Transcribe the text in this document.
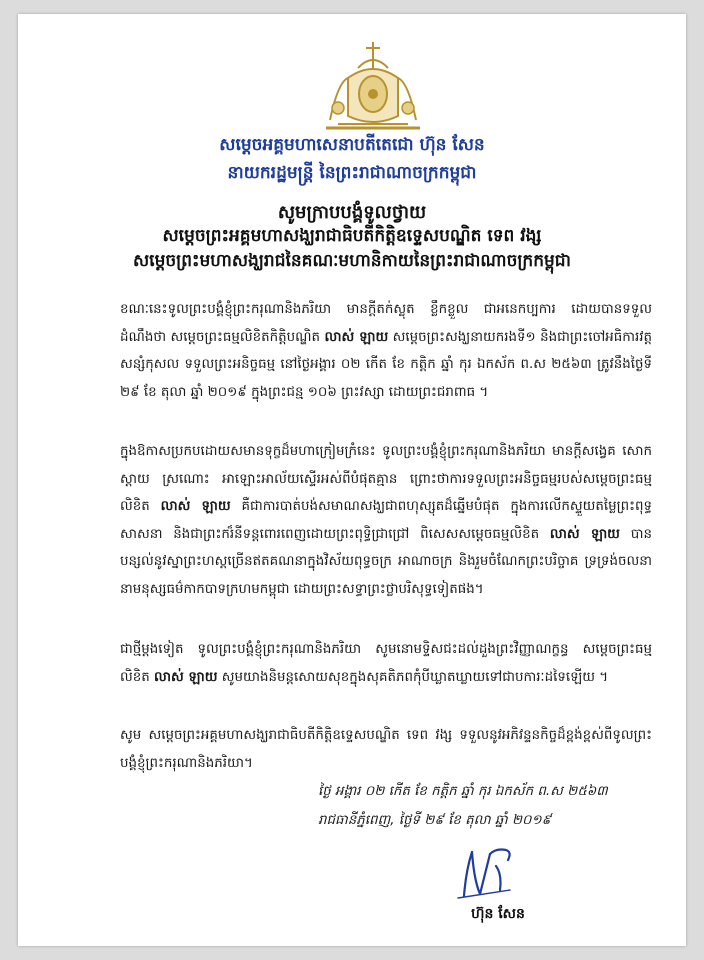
សម្តេចអគ្គមហាសេនាបតីតេជោ ហ៊ុន សែន
នាយករដ្ឋមន្ត្រី នៃព្រះរាជាណាចក្រកម្ពុជា
សូមក្រាបបង្គំទូលថ្វាយ
សម្តេចព្រះអគ្គមហាសង្ឃរាជាធិបតីកិត្តិឧទ្ទេសបណ្ឌិត ទេព វង្ស
សម្តេចព្រះមហាសង្ឃរាជនៃគណៈមហានិកាយនៃព្រះរាជាណាចក្រកម្ពុជា

ខណៈនេះទូលព្រះបង្គំខ្ញុំព្រះករុណានិងភរិយា មានក្តីតក់ស្លុត ខ្លឹកខ្លួល ជាអនេកប្បការ ដោយបានទទួលដំណឹងថា សម្តេចព្រះធម្មលិខិតកិត្តិបណ្ឌិត លាស់ ឡាយ សម្តេចព្រះសង្ឃនាយករងទី១ និងជាព្រះចៅអធិការវត្តសន្សំកុសល ទទួលព្រះអនិច្ចធម្ម នៅថ្ងៃអង្គារ ០២ កើត ខែ កត្តិក ឆ្នាំ កុរ ឯកស័ក ព.ស ២៥៦៣ ត្រូវនឹងថ្ងៃទី ២៩ ខែ តុលា ឆ្នាំ ២០១៩ ក្នុងព្រះជន្ម ១០៦ ព្រះវស្សា ដោយព្រះជរាពាធ ។

ក្នុងឱកាសប្រកបដោយសមានទុក្ខដ៏មហាក្រៀមក្រំនេះ ទូលព្រះបង្គំខ្ញុំព្រះករុណានិងភរិយា មានក្តីសង្វេគ សោកស្តាយ ស្រណោះ អាឡោះអាល័យស្ទើរអស់ពីបំផុតគ្មាន ព្រោះថាការទទួលព្រះអនិច្ចធម្មរបស់សម្តេចព្រះធម្មលិខិត លាស់ ឡាយ គឺជាការបាត់បង់សមាណសង្ឃជាពហុស្សុតដ៏ឆ្នើមបំផុត ក្នុងការលើកស្ទួយតម្លៃព្រះពុទ្ធសាសនា និងជាព្រះករ៏នីទន្តពោរពេញដោយព្រះពុទ្ធិជ្រាជ្រៅ ពិសេសសម្តេចធម្មលិខិត លាស់ ឡាយ បានបន្សល់នូវស្នាព្រះហស្តច្រើនឥតគណនាក្នុងវិស័យពុទ្ធចក្រ អាណាចក្រ និងរួមចំណែកព្រះបរិច្ចាគ ទ្រទ្រង់ចលនានាមនុស្សធម៌កាកបាទក្រហមកម្ពុជា ដោយព្រះសទ្ធាព្រះថ្លាបរិសុទ្ធទៀតផង។

ជាថ្មីម្តងទៀត ទូលព្រះបង្គំខ្ញុំព្រះករុណានិងភរិយា សូមនោមទ្ទិសជះដល់ដួងព្រះវិញ្ញាណក្ខន្ធ សម្តេចព្រះធម្មលិខិត លាស់ ឡាយ សូមយាងនិមន្តសោយសុខក្នុងសុគតិភពកុំបីឃ្លាតឃ្លាយទៅជាបការៈដទៃឡើយ ។

សូម សម្តេចព្រះអគ្គមហាសង្ឃរាជាធិបតីកិត្តិឧទ្ទេសបណ្ឌិត ទេព វង្ស ទទួលនូវអភិវន្ទនកិច្ចដ៏ខ្ពង់ខ្ពស់ពីទូលព្រះបង្គំខ្ញុំព្រះករុណានិងភរិយា។

ថ្ងៃ អង្គារ ០២ កើត ខែ កត្តិក ឆ្នាំ កុរ ឯកស័ក ព.ស ២៥៦៣
រាជធានីភ្នំពេញ, ថ្ងៃទី ២៩ ខែ តុលា ឆ្នាំ ២០១៩
ហ៊ុន សែន
